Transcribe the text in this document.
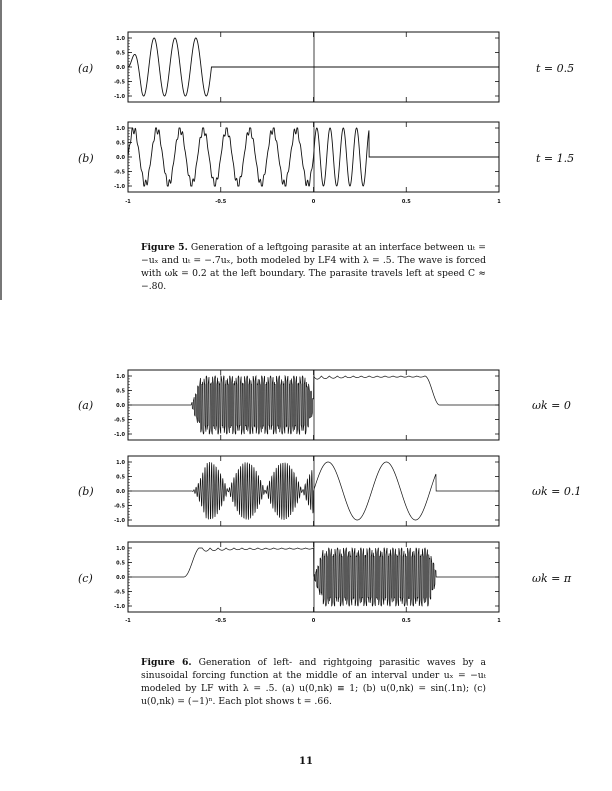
1.0
0.5
0.0
-0.5
-1.0
(a)	t = 0.5
1.0
0.5
0.0
-0.5
-1.0
(b)	t = 1.5
-1	-0.5	0	0.5	1
1.0
0.5
0.0
-0.5
-1.0
(a)	ωk = 0
1.0
0.5
0.0
-0.5
-1.0
(b)	ωk = 0.1
1.0
0.5
0.0
-0.5
-1.0
(c)	ωk = π
-1	-0.5	0	0.5	1
Figure 5. Generation of a leftgoing parasite at an interface between uₜ = −uₓ and uₜ = −.7uₓ, both modeled by LF4 with λ = .5. The wave is forced with ωk = 0.2 at the left boundary. The parasite travels left at speed C ≈ −.80.
Figure 6. Generation of left- and rightgoing parasitic waves by a sinusoidal forcing function at the middle of an interval under uₓ = −uₜ modeled by LF with λ = .5. (a) u(0,nk) ≡ 1; (b) u(0,nk) = sin(.1n); (c) u(0,nk) = (−1)ⁿ. Each plot shows t = .66.
11
